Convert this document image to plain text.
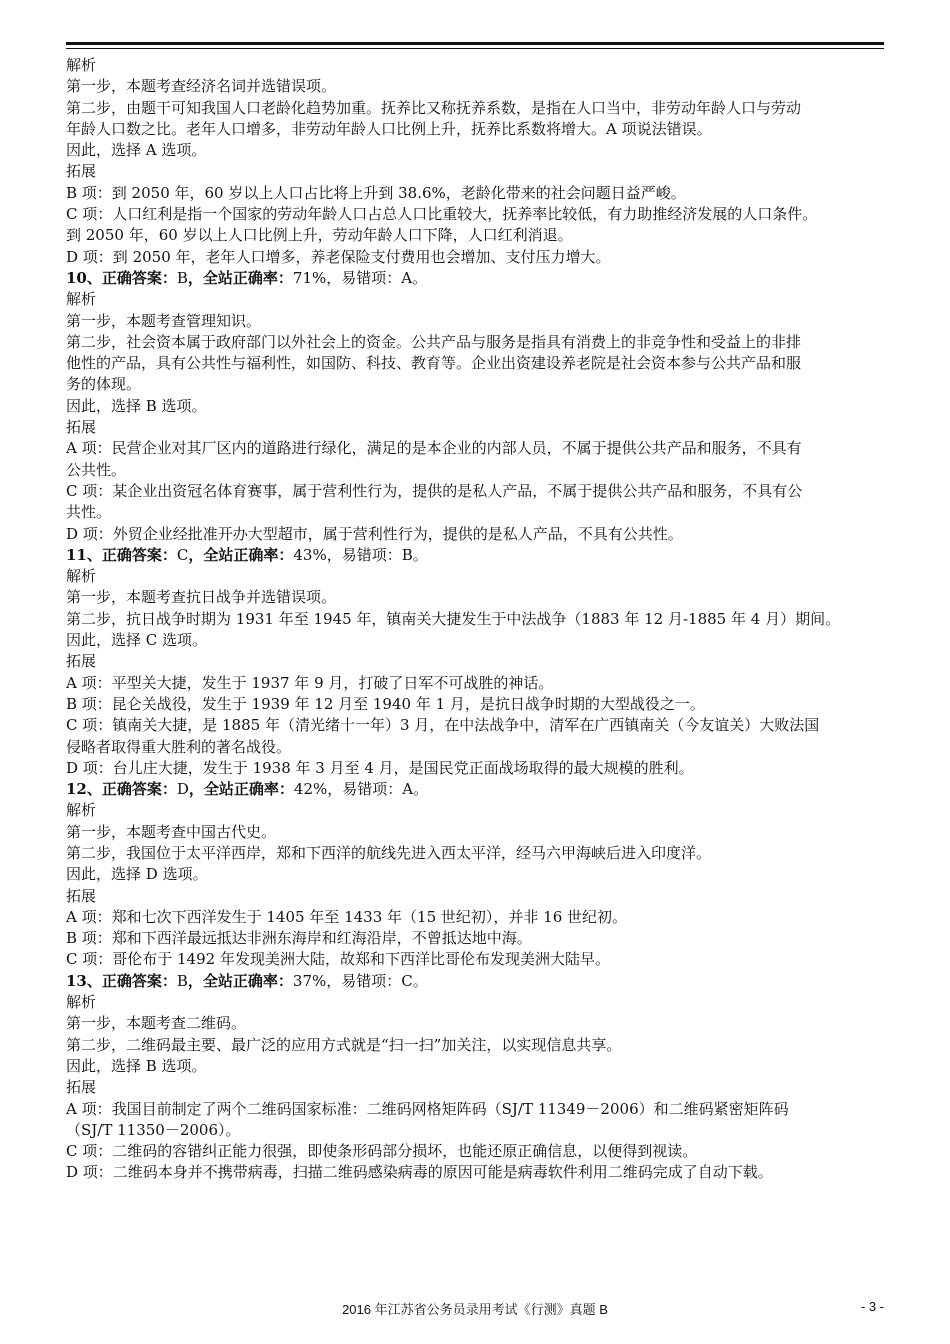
解析
第一步，本题考查经济名词并选错误项。
第二步，由题干可知我国人口老龄化趋势加重。抚养比又称抚养系数，是指在人口当中，非劳动年龄人口与劳动
年龄人口数之比。老年人口增多，非劳动年龄人口比例上升，抚养比系数将增大。A 项说法错误。
因此，选择 A 选项。
拓展
B 项：到 2050 年，60 岁以上人口占比将上升到 38.6%，老龄化带来的社会问题日益严峻。
C 项：人口红利是指一个国家的劳动年龄人口占总人口比重较大，抚养率比较低，有力助推经济发展的人口条件。
到 2050 年，60 岁以上人口比例上升，劳动年龄人口下降，人口红利消退。
D 项：到 2050 年，老年人口增多，养老保险支付费用也会增加、支付压力增大。
10、正确答案：B，全站正确率：71%，易错项：A。
解析
第一步，本题考查管理知识。
第二步，社会资本属于政府部门以外社会上的资金。公共产品与服务是指具有消费上的非竞争性和受益上的非排
他性的产品，具有公共性与福利性，如国防、科技、教育等。企业出资建设养老院是社会资本参与公共产品和服
务的体现。
因此，选择 B 选项。
拓展
A 项：民营企业对其厂区内的道路进行绿化，满足的是本企业的内部人员，不属于提供公共产品和服务，不具有
公共性。
C 项：某企业出资冠名体育赛事，属于营利性行为，提供的是私人产品，不属于提供公共产品和服务，不具有公
共性。
D 项：外贸企业经批准开办大型超市，属于营利性行为，提供的是私人产品，不具有公共性。
11、正确答案：C，全站正确率：43%，易错项：B。
解析
第一步，本题考查抗日战争并选错误项。
第二步，抗日战争时期为 1931 年至 1945 年，镇南关大捷发生于中法战争（1883 年 12 月-1885 年 4 月）期间。
因此，选择 C 选项。
拓展
A 项：平型关大捷，发生于 1937 年 9 月，打破了日军不可战胜的神话。
B 项：昆仑关战役，发生于 1939 年 12 月至 1940 年 1 月，是抗日战争时期的大型战役之一。
C 项：镇南关大捷，是 1885 年（清光绪十一年）3 月，在中法战争中，清军在广西镇南关（今友谊关）大败法国
侵略者取得重大胜利的著名战役。
D 项：台儿庄大捷，发生于 1938 年 3 月至 4 月，是国民党正面战场取得的最大规模的胜利。
12、正确答案：D，全站正确率：42%，易错项：A。
解析
第一步，本题考查中国古代史。
第二步，我国位于太平洋西岸，郑和下西洋的航线先进入西太平洋，经马六甲海峡后进入印度洋。
因此，选择 D 选项。
拓展
A 项：郑和七次下西洋发生于 1405 年至 1433 年（15 世纪初），并非 16 世纪初。
B 项：郑和下西洋最远抵达非洲东海岸和红海沿岸，不曾抵达地中海。
C 项：哥伦布于 1492 年发现美洲大陆，故郑和下西洋比哥伦布发现美洲大陆早。
13、正确答案：B，全站正确率：37%，易错项：C。
解析
第一步，本题考查二维码。
第二步，二维码最主要、最广泛的应用方式就是“扫一扫”加关注，以实现信息共享。
因此，选择 B 选项。
拓展
A 项：我国目前制定了两个二维码国家标准：二维码网格矩阵码（SJ/T 11349－2006）和二维码紧密矩阵码
（SJ/T 11350－2006）。
C 项：二维码的容错纠正能力很强，即使条形码部分损坏，也能还原正确信息，以便得到视读。
D 项：二维码本身并不携带病毒，扫描二维码感染病毒的原因可能是病毒软件利用二维码完成了自动下载。
2016 年江苏省公务员录用考试《行测》真题 B	- 3 -
